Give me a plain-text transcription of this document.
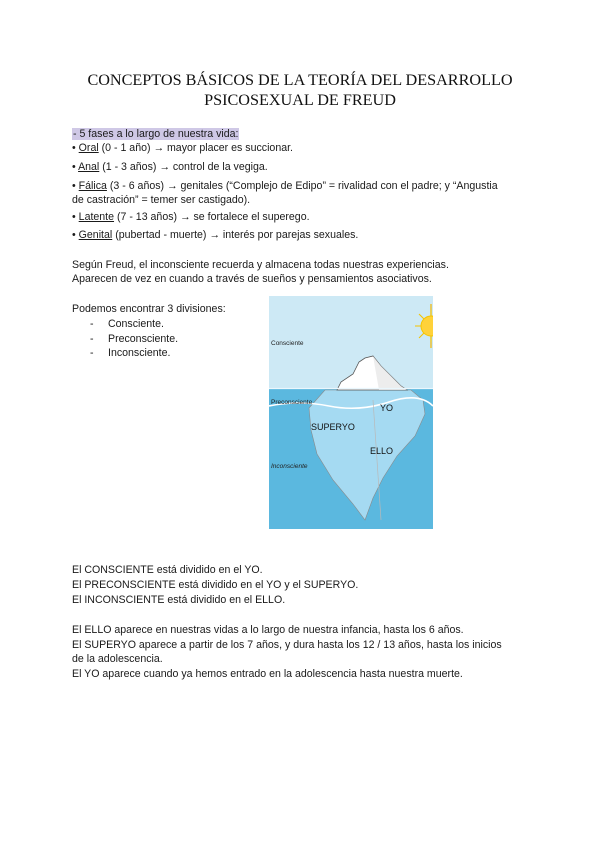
CONCEPTOS BÁSICOS DE LA TEORÍA DEL DESARROLLO
PSICOSEXUAL DE FREUD
- 5 fases a lo largo de nuestra vida:
• Oral (0 - 1 año) → mayor placer es succionar.
• Anal (1 - 3 años) → control de la vegiga.
• Fálica (3 - 6 años) → genitales (“Complejo de Edipo” = rivalidad con el padre; y “Angustia
de castración” = temer ser castigado).
• Latente (7 - 13 años) → se fortalece el superego.
• Genital (pubertad - muerte) → interés por parejas sexuales.
Según Freud, el inconsciente recuerda y almacena todas nuestras experiencias.
Aparecen de vez en cuando a través de sueños y pensamientos asociativos.
Podemos encontrar 3 divisiones:
- Consciente.
- Preconsciente.
- Inconsciente.
Consciente
Preconsciente
Inconsciente
YO
SUPERYO
ELLO
El CONSCIENTE está dividido en el YO.
El PRECONSCIENTE está dividido en el YO y el SUPERYO.
El INCONSCIENTE está dividido en el ELLO.
El ELLO aparece en nuestras vidas a lo largo de nuestra infancia, hasta los 6 años.
El SUPERYO aparece a partir de los 7 años, y dura hasta los 12 / 13 años, hasta los inicios
de la adolescencia.
El YO aparece cuando ya hemos entrado en la adolescencia hasta nuestra muerte.
